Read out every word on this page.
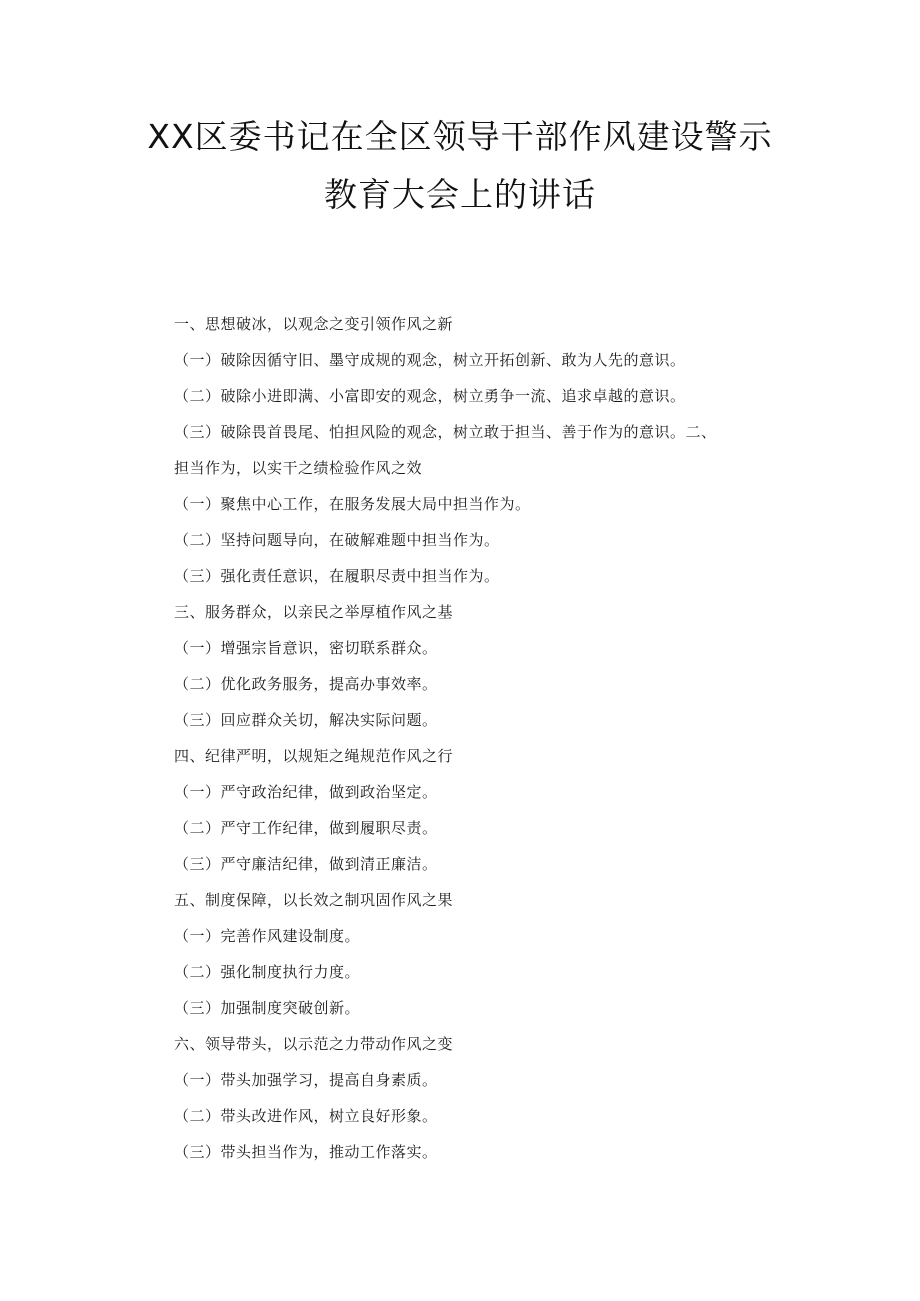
XX区委书记在全区领导干部作风建设警示
教育大会上的讲话
一、思想破冰，以观念之变引领作风之新
（一）破除因循守旧、墨守成规的观念，树立开拓创新、敢为人先的意识。
（二）破除小进即满、小富即安的观念，树立勇争一流、追求卓越的意识。
（三）破除畏首畏尾、怕担风险的观念，树立敢于担当、善于作为的意识。二、
担当作为，以实干之绩检验作风之效
（一）聚焦中心工作，在服务发展大局中担当作为。
（二）坚持问题导向，在破解难题中担当作为。
（三）强化责任意识，在履职尽责中担当作为。
三、服务群众，以亲民之举厚植作风之基
（一）增强宗旨意识，密切联系群众。
（二）优化政务服务，提高办事效率。
（三）回应群众关切，解决实际问题。
四、纪律严明，以规矩之绳规范作风之行
（一）严守政治纪律，做到政治坚定。
（二）严守工作纪律，做到履职尽责。
（三）严守廉洁纪律，做到清正廉洁。
五、制度保障，以长效之制巩固作风之果
（一）完善作风建设制度。
（二）强化制度执行力度。
（三）加强制度突破创新。
六、领导带头，以示范之力带动作风之变
（一）带头加强学习，提高自身素质。
（二）带头改进作风，树立良好形象。
（三）带头担当作为，推动工作落实。
